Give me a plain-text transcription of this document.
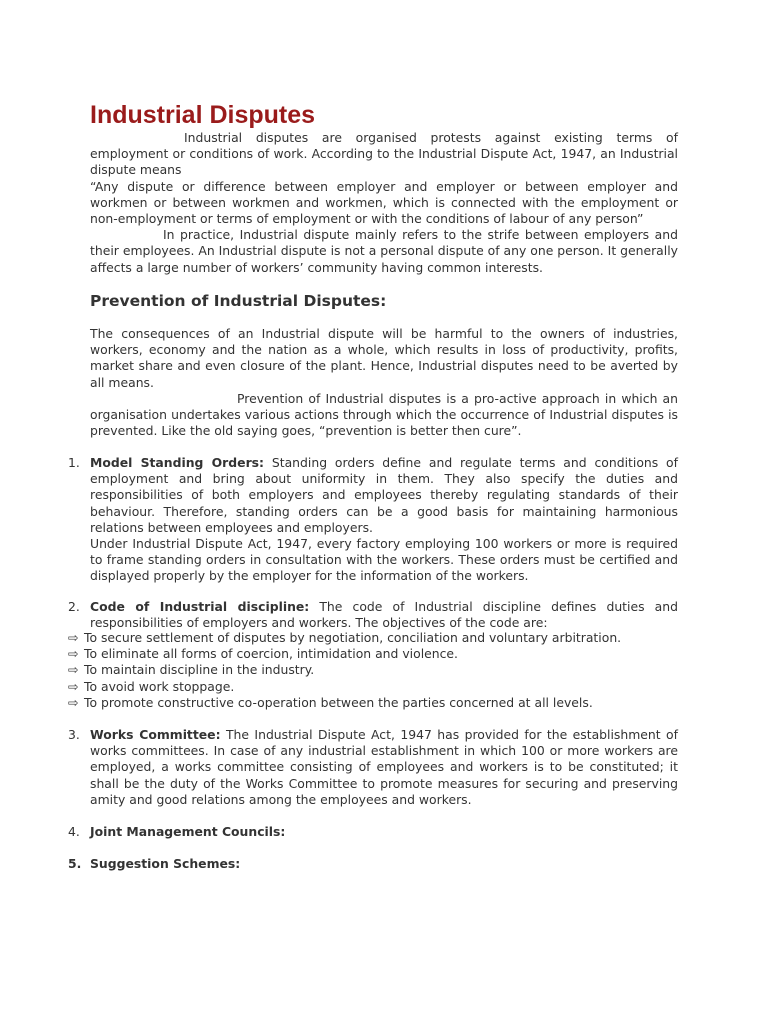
Industrial Disputes

Industrial disputes are organised protests against existing terms of employment or conditions of work. According to the Industrial Dispute Act, 1947, an Industrial dispute means

“Any dispute or difference between employer and employer or between employer and workmen or between workmen and workmen, which is connected with the employment or non-employment or terms of employment or with the conditions of labour of any person”

In practice, Industrial dispute mainly refers to the strife between employers and their employees. An Industrial dispute is not a personal dispute of any one person. It generally affects a large number of workers’ community having common interests.

Prevention of Industrial Disputes:

The consequences of an Industrial dispute will be harmful to the owners of industries, workers, economy and the nation as a whole, which results in loss of productivity, profits, market share and even closure of the plant. Hence, Industrial disputes need to be averted by all means.

Prevention of Industrial disputes is a pro-active approach in which an organisation undertakes various actions through which the occurrence of Industrial disputes is prevented. Like the old saying goes, “prevention is better then cure”.

1. Model Standing Orders: Standing orders define and regulate terms and conditions of employment and bring about uniformity in them. They also specify the duties and responsibilities of both employers and employees thereby regulating standards of their behaviour. Therefore, standing orders can be a good basis for maintaining harmonious relations between employees and employers.

Under Industrial Dispute Act, 1947, every factory employing 100 workers or more is required to frame standing orders in consultation with the workers. These orders must be certified and displayed properly by the employer for the information of the workers.

2. Code of Industrial discipline: The code of Industrial discipline defines duties and responsibilities of employers and workers. The objectives of the code are:

⇨ To secure settlement of disputes by negotiation, conciliation and voluntary arbitration.
⇨ To eliminate all forms of coercion, intimidation and violence.
⇨ To maintain discipline in the industry.
⇨ To avoid work stoppage.
⇨ To promote constructive co-operation between the parties concerned at all levels.
3. Works Committee: The Industrial Dispute Act, 1947 has provided for the establishment of works committees. In case of any industrial establishment in which 100 or more workers are employed, a works committee consisting of employees and workers is to be constituted; it shall be the duty of the Works Committee to promote measures for securing and preserving amity and good relations among the employees and workers.

4. Joint Management Councils:

5. Suggestion Schemes:
